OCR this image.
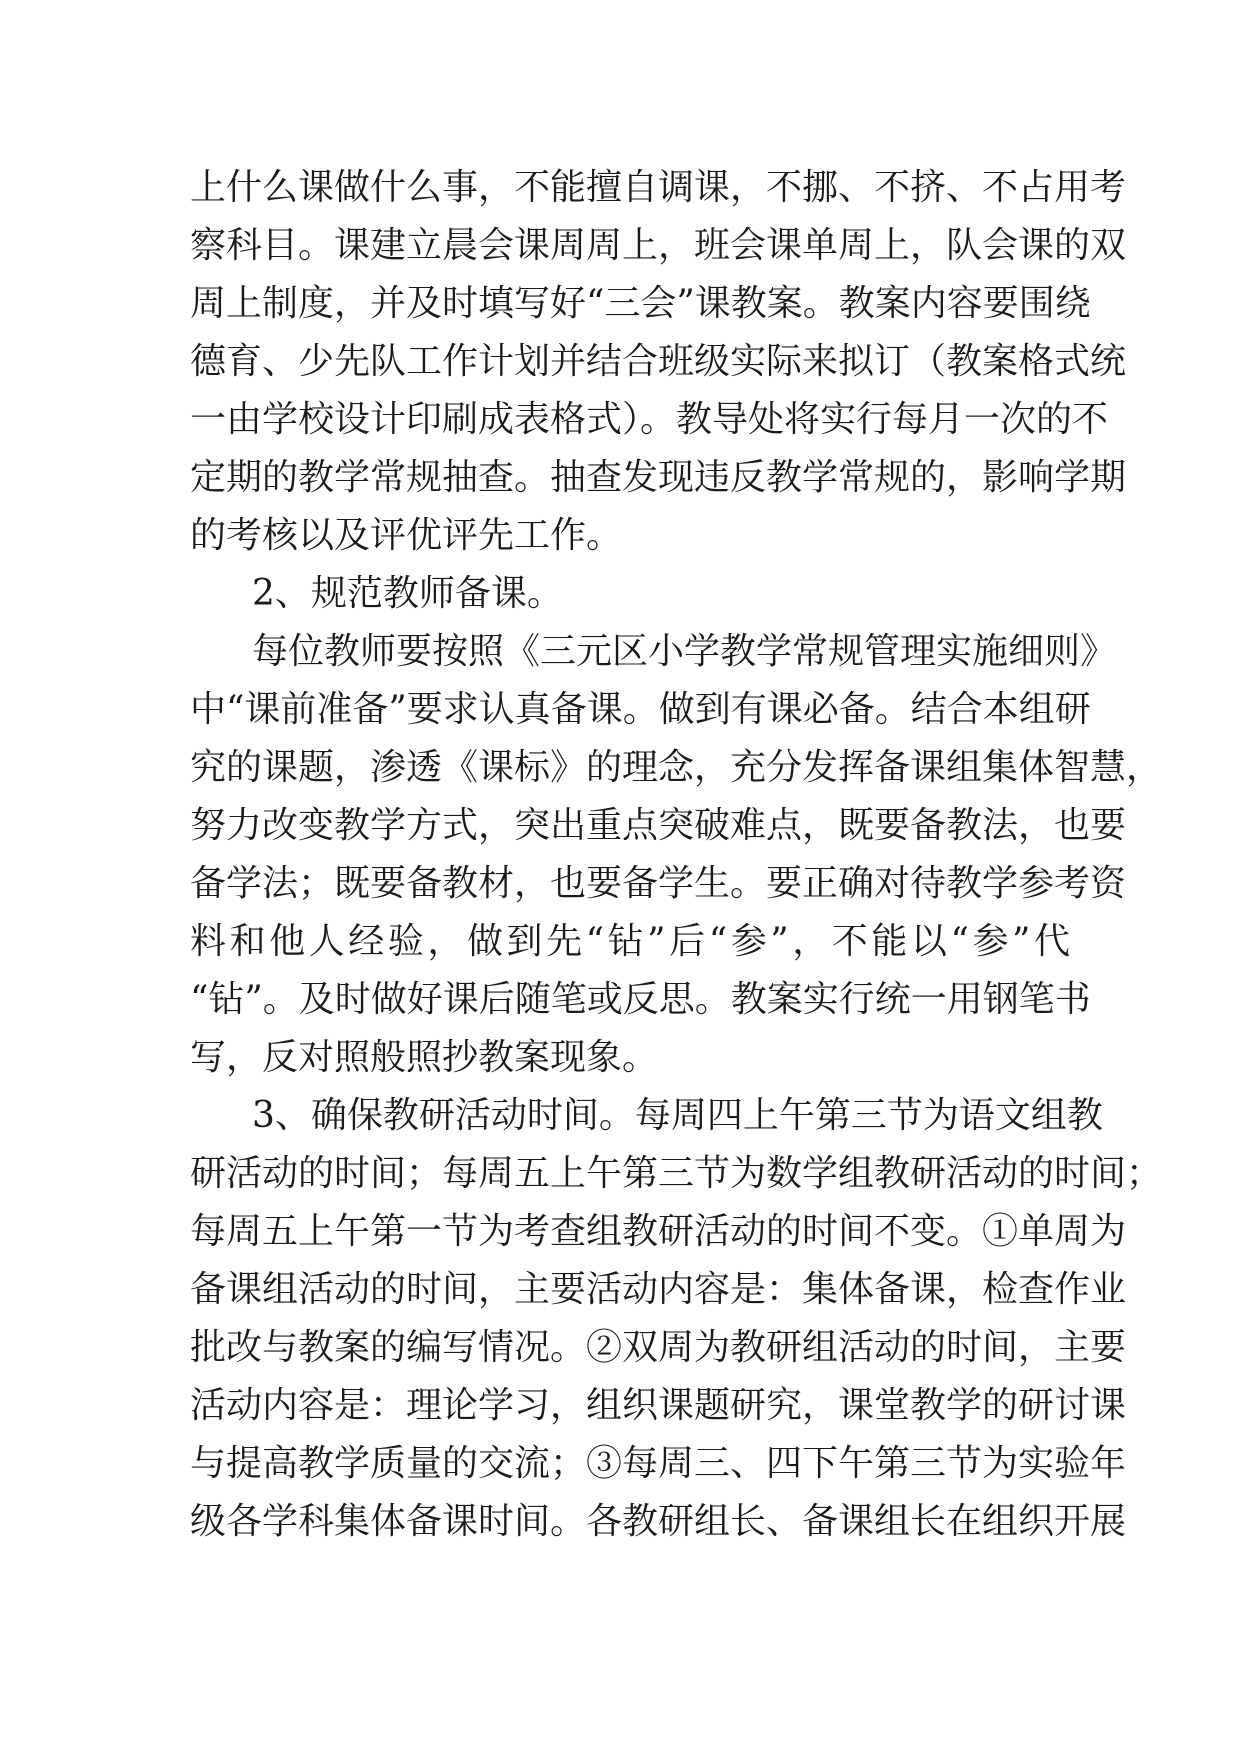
上什么课做什么事，不能擅自调课，不挪、不挤、不占用考
察科目。课建立晨会课周周上，班会课单周上，队会课的双
周上制度，并及时填写好“三会”课教案。教案内容要围绕
德育、少先队工作计划并结合班级实际来拟订（教案格式统
一由学校设计印刷成表格式）。教导处将实行每月一次的不
定期的教学常规抽查。抽查发现违反教学常规的，影响学期
的考核以及评优评先工作。
2、规范教师备课。
每位教师要按照《三元区小学教学常规管理实施细则》
中“课前准备”要求认真备课。做到有课必备。结合本组研
究的课题，渗透《课标》的理念，充分发挥备课组集体智慧，
努力改变教学方式，突出重点突破难点，既要备教法，也要
备学法；既要备教材，也要备学生。要正确对待教学参考资
料和他人经验，做到先“钻”后“参”，不能以“参”代
“钻”。及时做好课后随笔或反思。教案实行统一用钢笔书
写，反对照般照抄教案现象。
3、确保教研活动时间。每周四上午第三节为语文组教
研活动的时间；每周五上午第三节为数学组教研活动的时间；
每周五上午第一节为考查组教研活动的时间不变。①单周为
备课组活动的时间，主要活动内容是：集体备课，检查作业
批改与教案的编写情况。②双周为教研组活动的时间，主要
活动内容是：理论学习，组织课题研究，课堂教学的研讨课
与提高教学质量的交流；③每周三、四下午第三节为实验年
级各学科集体备课时间。各教研组长、备课组长在组织开展
